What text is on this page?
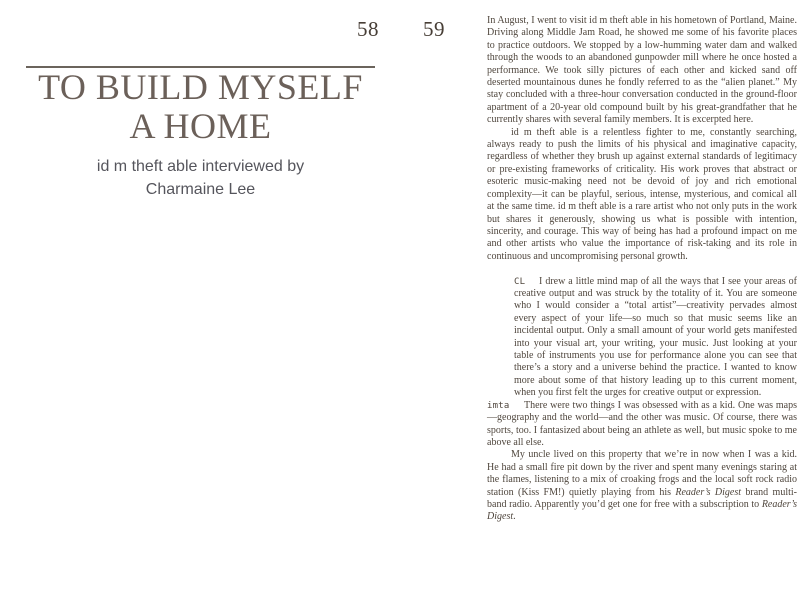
58 59
TO BUILD MYSELF
A HOME
id m theft able interviewed by
Charmaine Lee

In August, I went to visit id m theft able in his hometown of Portland, Maine. Driving along Middle Jam Road, he showed me some of his favorite places to practice outdoors. We stopped by a low-humming water dam and walked through the woods to an abandoned gunpowder mill where he once hosted a performance. We took silly pictures of each other and kicked sand off deserted mountainous dunes he fondly referred to as the “alien planet.” My stay concluded with a three-hour conversation conducted in the ground-floor apartment of a 20-year old compound built by his great-grandfather that he currently shares with several family members. It is excerpted here.

id m theft able is a relentless fighter to me, constantly searching, always ready to push the limits of his physical and imaginative capacity, regardless of whether they brush up against external standards of legitimacy or pre-existing frameworks of criticality. His work proves that abstract or esoteric music-making need not be devoid of joy and rich emotional complexity—it can be playful, serious, intense, mysterious, and comical all at the same time. id m theft able is a rare artist who not only puts in the work but shares it generously, showing us what is possible with intention, sincerity, and courage. This way of being has had a profound impact on me and other artists who value the importance of risk-taking and its role in continuous and uncompromising personal growth.

CL I drew a little mind map of all the ways that I see your areas of creative output and was struck by the totality of it. You are someone who I would consider a “total artist”—creativity pervades almost every aspect of your life—so much so that music seems like an incidental output. Only a small amount of your world gets manifested into your visual art, your writing, your music. Just looking at your table of instruments you use for performance alone you can see that there’s a story and a universe behind the practice. I wanted to know more about some of that history leading up to this current moment, when you first felt the urges for creative output or expression.

imta There were two things I was obsessed with as a kid. One was maps—geography and the world—and the other was music. Of course, there was sports, too. I fantasized about being an athlete as well, but music spoke to me above all else.

My uncle lived on this property that we’re in now when I was a kid. He had a small fire pit down by the river and spent many evenings staring at the flames, listening to a mix of croaking frogs and the local soft rock radio station (Kiss FM!) quietly playing from his Reader’s Digest brand multi-band radio. Apparently you’d get one for free with a subscription to Reader’s Digest.
